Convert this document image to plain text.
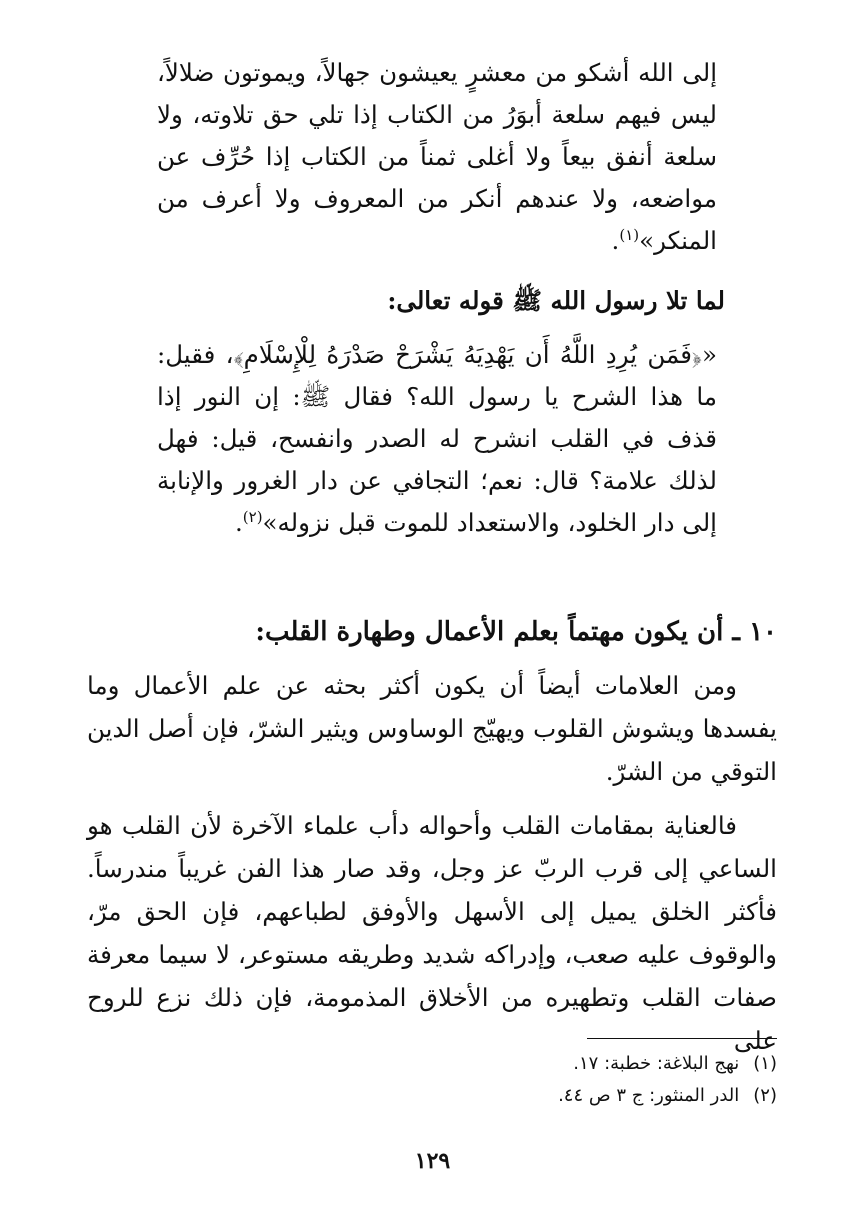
إلى الله أشكو من معشرٍ يعيشون جهالاً، ويموتون ضلالاً، ليس فيهم سلعة أبوَرُ من الكتاب إذا تلي حق تلاوته، ولا سلعة أنفق بيعاً ولا أغلى ثمناً من الكتاب إذا حُرِّف عن مواضعه، ولا عندهم أنكر من المعروف ولا أعرف من المنكر»$^{(١)}$.
لما تلا رسول الله ﷺ قوله تعالى:
«﴿فَمَن يُرِدِ اللَّهُ أَن يَهْدِيَهُ يَشْرَحْ صَدْرَهُ لِلْإِسْلَامِ﴾، فقيل: ما هذا الشرح يا رسول الله؟ فقال ﷺ: إن النور إذا قذف في القلب انشرح له الصدر وانفسح، قيل: فهل لذلك علامة؟ قال: نعم؛ التجافي عن دار الغرور والإنابة إلى دار الخلود، والاستعداد للموت قبل نزوله»$^{(٢)}$.
١٠ ـ أن يكون مهتماً بعلم الأعمال وطهارة القلب:
ومن العلامات أيضاً أن يكون أكثر بحثه عن علم الأعمال وما يفسدها ويشوش القلوب ويهيّج الوساوس ويثير الشرّ، فإن أصل الدين التوقي من الشرّ.
فالعناية بمقامات القلب وأحواله دأب علماء الآخرة لأن القلب هو الساعي إلى قرب الربّ عز وجل، وقد صار هذا الفن غريباً مندرساً. فأكثر الخلق يميل إلى الأسهل والأوفق لطباعهم، فإن الحق مرّ، والوقوف عليه صعب، وإدراكه شديد وطريقه مستوعر، لا سيما معرفة صفات القلب وتطهيره من الأخلاق المذمومة، فإن ذلك نزع للروح على
(١) نهج البلاغة: خطبة: ١٧.
(٢) الدر المنثور: ج ٣ ص ٤٤.
١٢٩
